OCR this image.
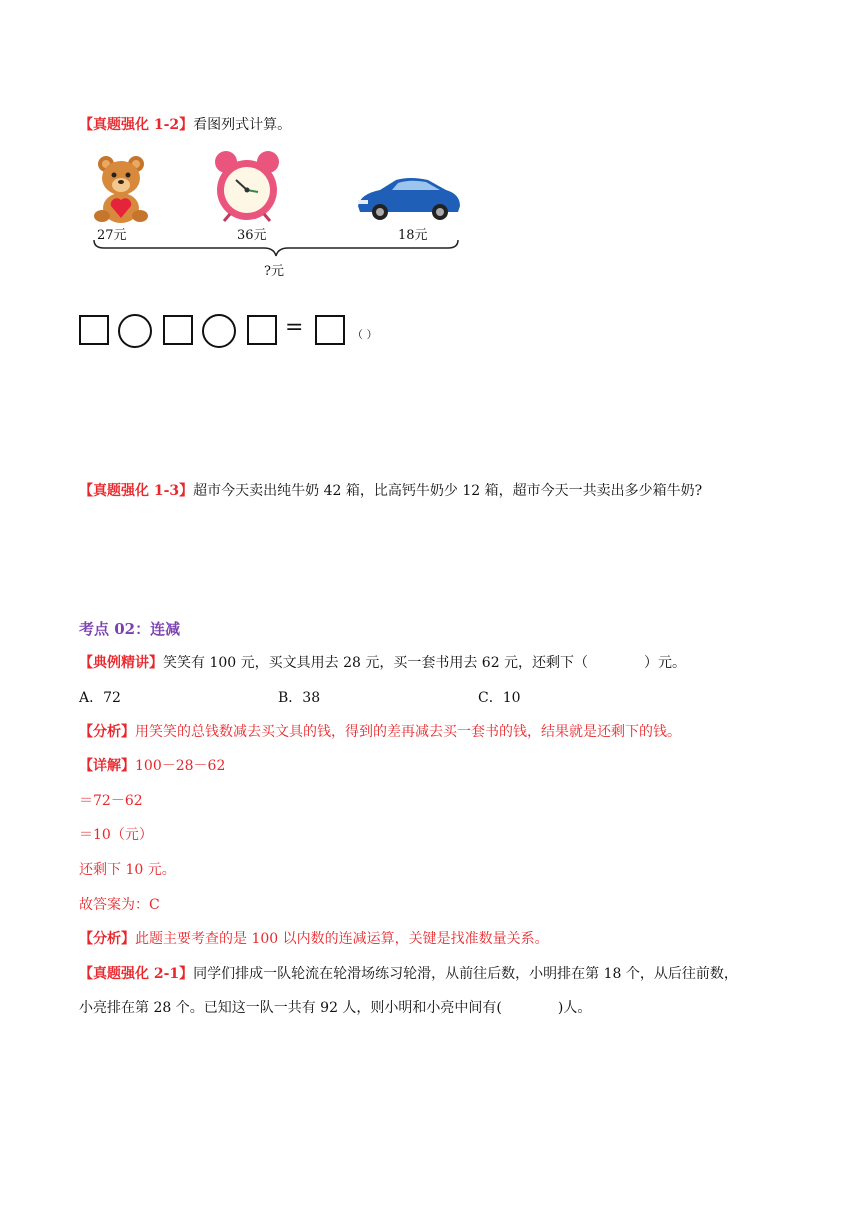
【真题强化 1-2】看图列式计算。
27元	36元	18元
?元
=	（ ）
【真题强化 1-3】超市今天卖出纯牛奶 42 箱，比高钙牛奶少 12 箱，超市今天一共卖出多少箱牛奶?
考点 02：连减
【典例精讲】笑笑有 100 元，买文具用去 28 元，买一套书用去 62 元，还剩下（　　　　）元。
A．72	B．38	C．10
【分析】用笑笑的总钱数减去买文具的钱，得到的差再减去买一套书的钱，结果就是还剩下的钱。
【详解】100－28－62
＝72－62
＝10（元）
还剩下 10 元。
故答案为：C
【分析】此题主要考查的是 100 以内数的连减运算，关键是找准数量关系。
【真题强化 2-1】同学们排成一队轮流在轮滑场练习轮滑，从前往后数，小明排在第 18 个，从后往前数，
小亮排在第 28 个。已知这一队一共有 92 人，则小明和小亮中间有(　　　　)人。
